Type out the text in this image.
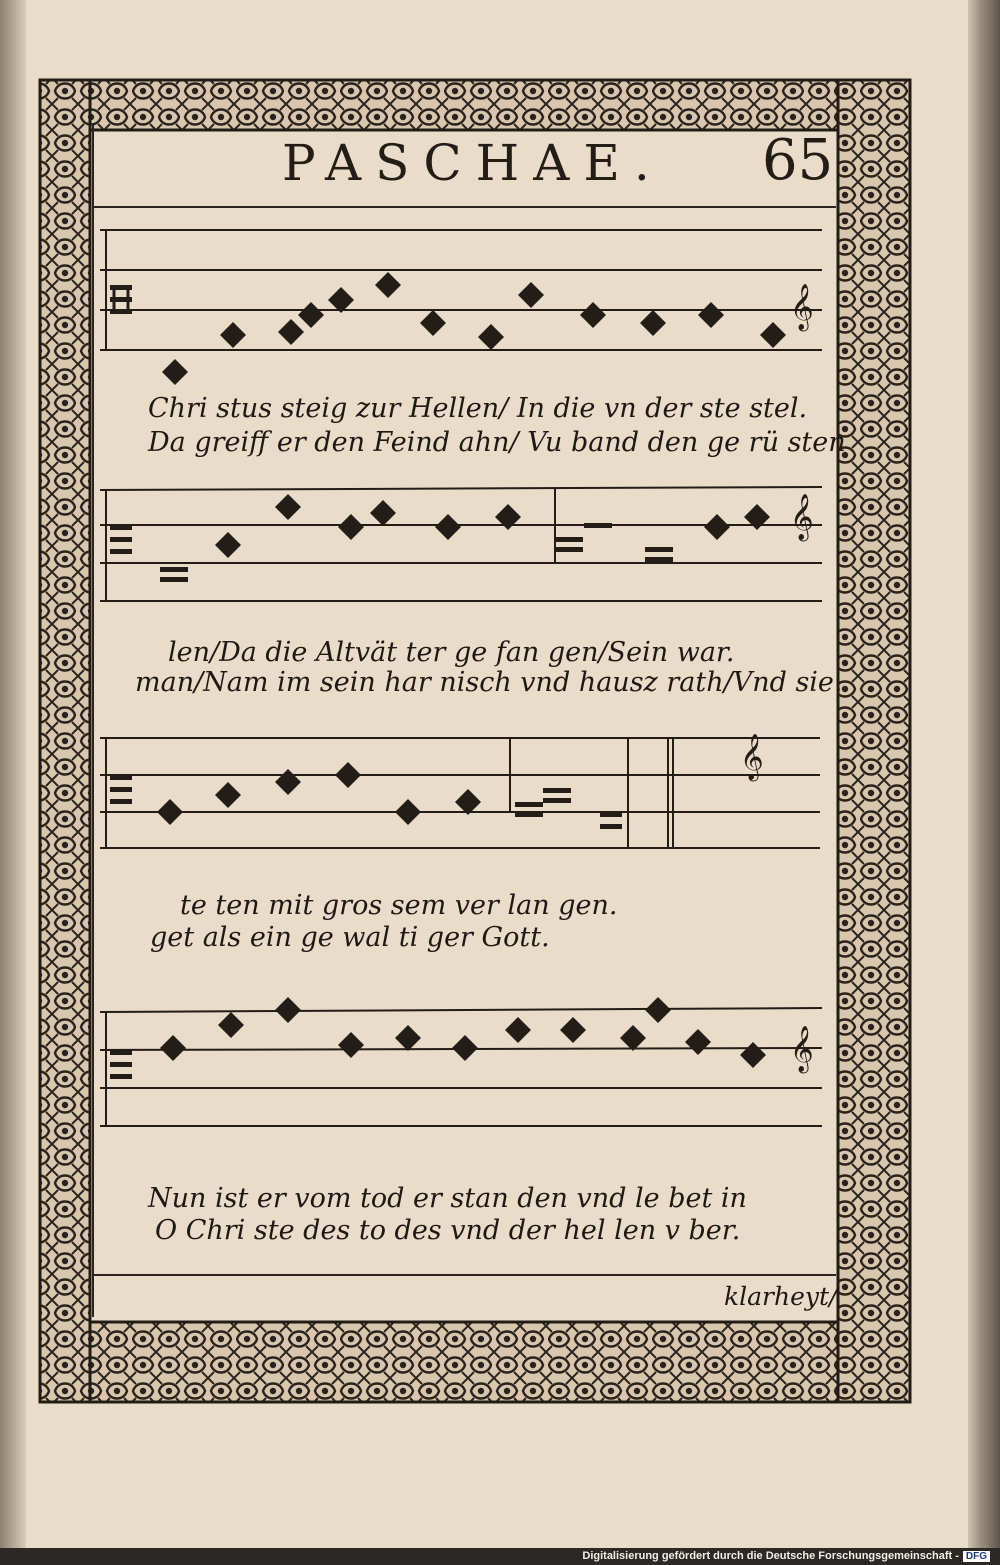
PASCHAE. 65
𝄞
Chri stus steig zur Hellen/ In die vn der ste stel.
Da greiff er den Feind ahn/ Vu band den ge rü sten
𝄞
len/Da die Altvät ter ge fan gen/Sein war.
man/Nam im sein har nisch vnd hausz rath/Vnd sie.
𝄞
te ten mit gros sem ver lan gen.
get als ein ge wal ti ger Gott.
𝄞
Nun ist er vom tod er stan den vnd le bet in
O Chri ste des to des vnd der hel len v ber.
klarheyt/
Digitalisierung gefördert durch die Deutsche Forschungsgemeinschaft - DFG
